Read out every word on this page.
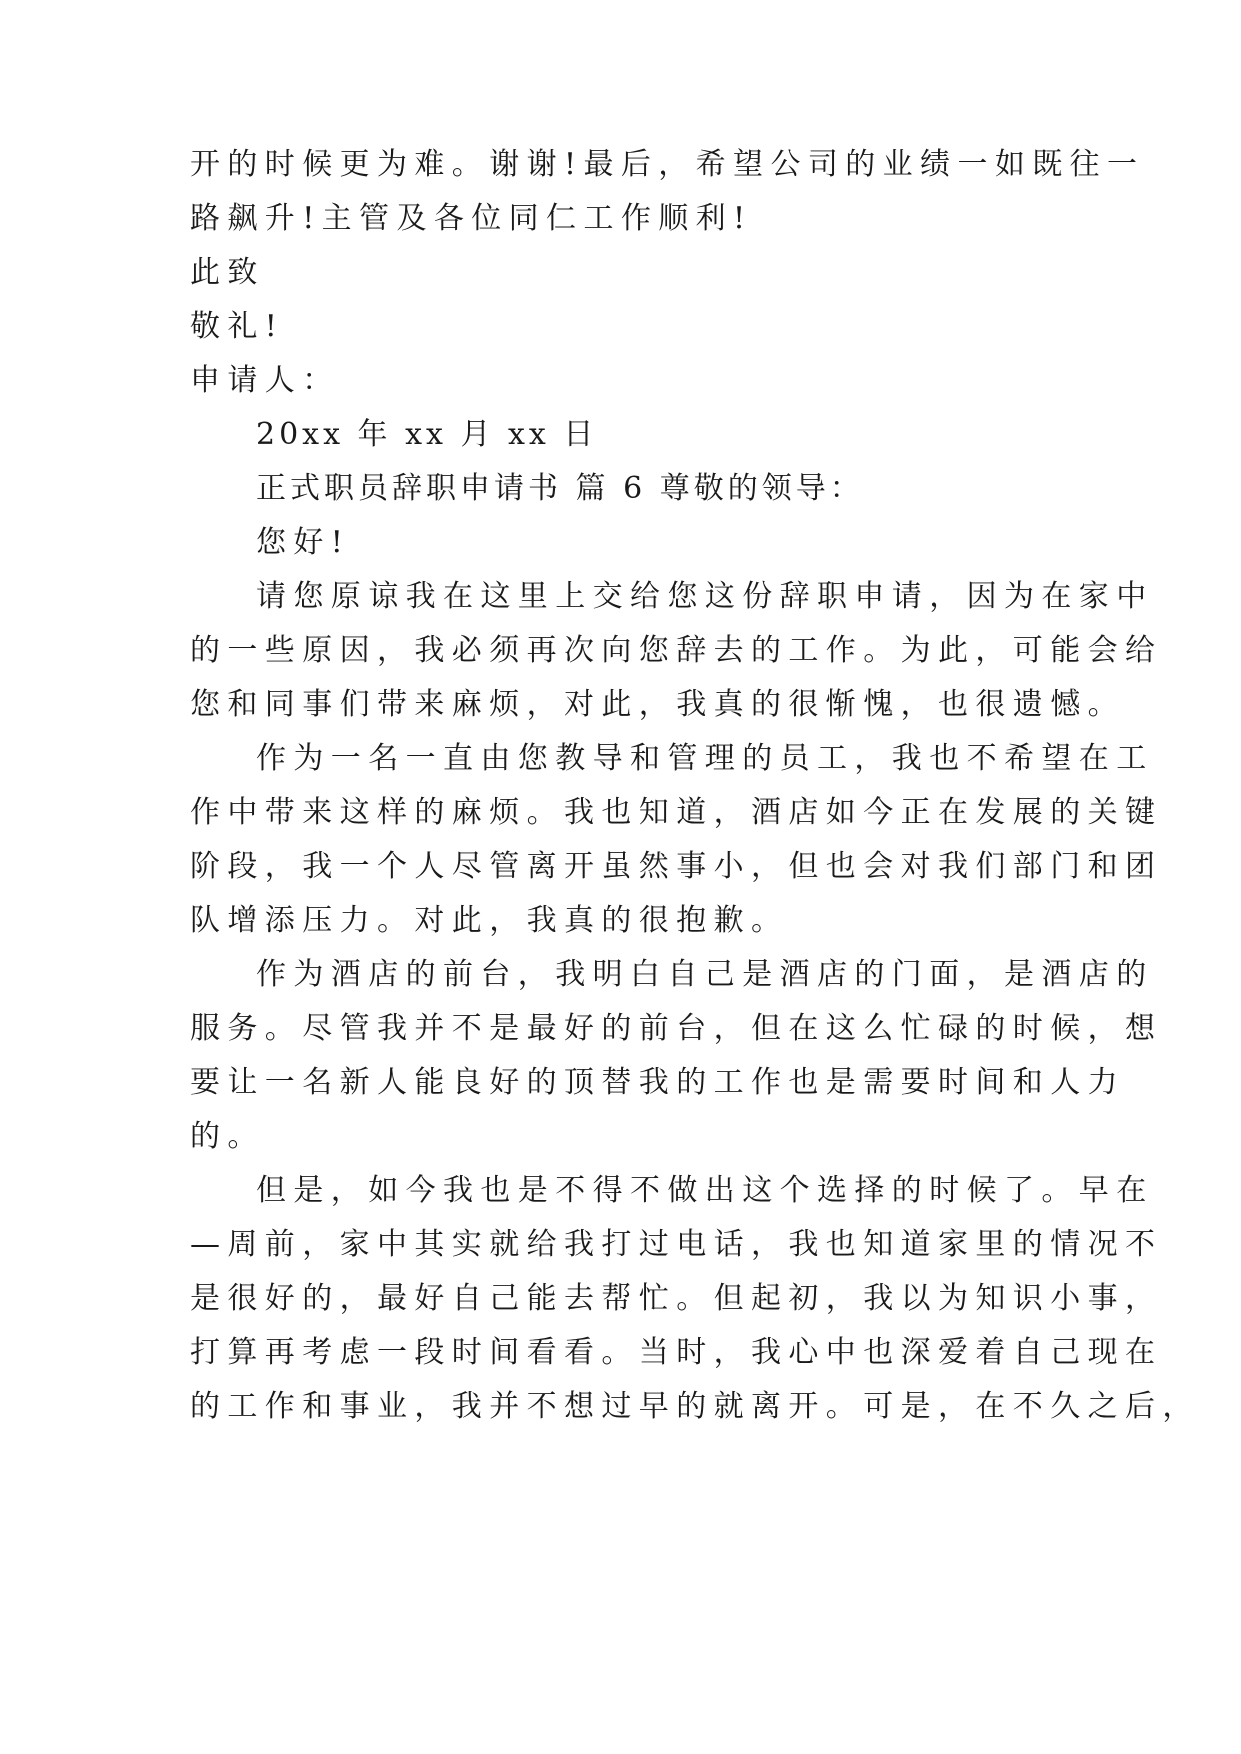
开的时候更为难。谢谢!最后，希望公司的业绩一如既往一
路飙升!主管及各位同仁工作顺利!
此致
敬礼!
申请人：
20xx 年 xx 月 xx 日
正式职员辞职申请书 篇 6 尊敬的领导：
您好!
请您原谅我在这里上交给您这份辞职申请，因为在家中
的一些原因，我必须再次向您辞去的工作。为此，可能会给
您和同事们带来麻烦，对此，我真的很惭愧，也很遗憾。
作为一名一直由您教导和管理的员工，我也不希望在工
作中带来这样的麻烦。我也知道，酒店如今正在发展的关键
阶段，我一个人尽管离开虽然事小，但也会对我们部门和团
队增添压力。对此，我真的很抱歉。
作为酒店的前台，我明白自己是酒店的门面，是酒店的
服务。尽管我并不是最好的前台，但在这么忙碌的时候，想
要让一名新人能良好的顶替我的工作也是需要时间和人力
的。
但是，如今我也是不得不做出这个选择的时候了。早在
—周前，家中其实就给我打过电话，我也知道家里的情况不
是很好的，最好自己能去帮忙。但起初，我以为知识小事，
打算再考虑一段时间看看。当时，我心中也深爱着自己现在
的工作和事业，我并不想过早的就离开。可是，在不久之后，
